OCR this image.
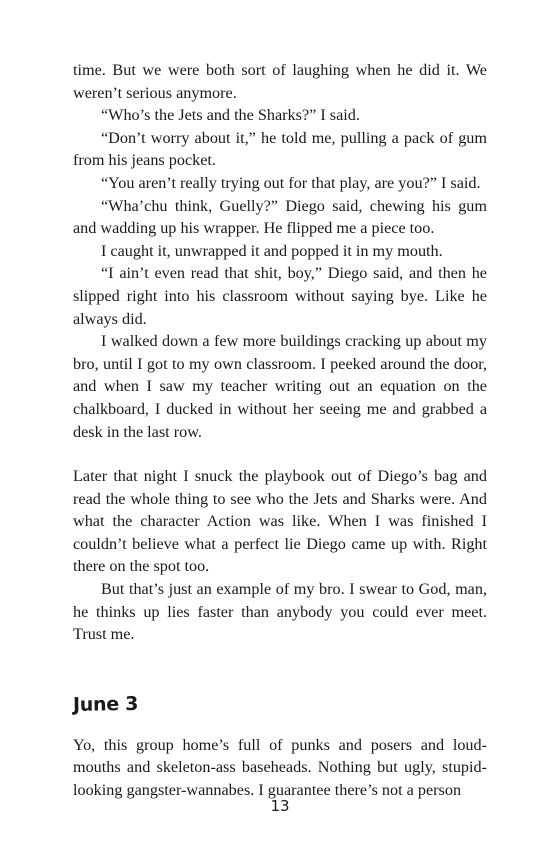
time. But we were both sort of laughing when he did it. We weren’t serious anymore.

“Who’s the Jets and the Sharks?” I said.

“Don’t worry about it,” he told me, pulling a pack of gum from his jeans pocket.

“You aren’t really trying out for that play, are you?” I said.

“Wha’chu think, Guelly?” Diego said, chewing his gum and wadding up his wrapper. He flipped me a piece too.

I caught it, unwrapped it and popped it in my mouth.

“I ain’t even read that shit, boy,” Diego said, and then he slipped right into his classroom without saying bye. Like he always did.

I walked down a few more buildings cracking up about my bro, until I got to my own classroom. I peeked around the door, and when I saw my teacher writing out an equation on the chalkboard, I ducked in without her seeing me and grabbed a desk in the last row.

Later that night I snuck the playbook out of Diego’s bag and read the whole thing to see who the Jets and Sharks were. And what the character Action was like. When I was finished I couldn’t believe what a perfect lie Diego came up with. Right there on the spot too.

But that’s just an example of my bro. I swear to God, man, he thinks up lies faster than anybody you could ever meet. Trust me.

June 3

Yo, this group home’s full of punks and posers and loud-mouths and skeleton-ass baseheads. Nothing but ugly, stupid-looking gangster-wannabes. I guarantee there’s not a person

13
